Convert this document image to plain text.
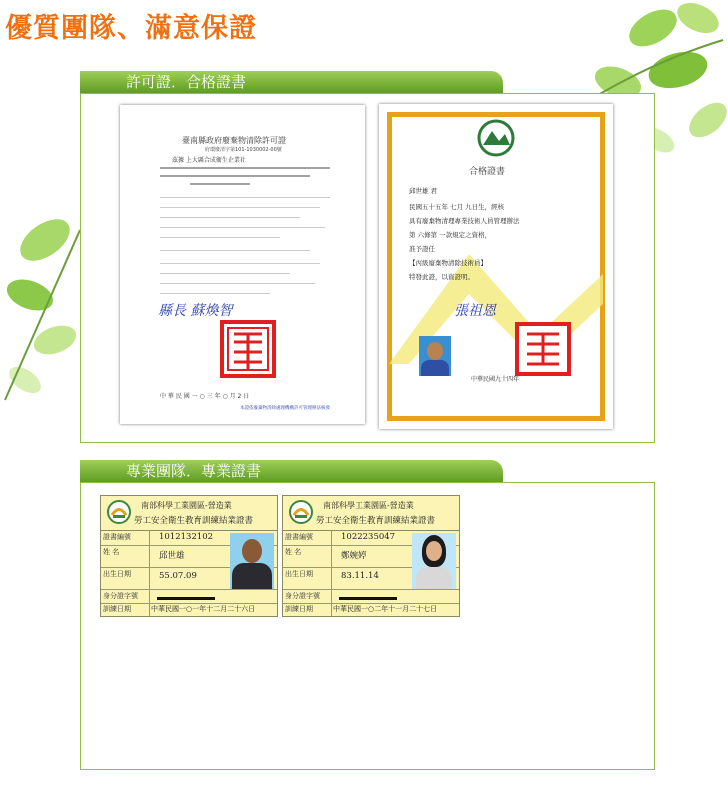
優質團隊、滿意保證
許可證．合格證書
臺南縣政府廢棄物清除許可證
府環廢清字第101-1030002-00號
茲據 上大縣合成衛生企業社
縣長 蘇煥智
中 華 民 國 一 ○ 三 年 ○ 月 2 日
本證依廢棄物清除處理機構許可管理辦法核發
合格證書
邱世雄 君
民國五十五年 七月 九日生，經核
具有廢棄物清理專業技術人員管理辦法
第 六條第 一款規定之資格，
准予證任
【丙級廢棄物清除技術員】
特發此證，以資證明。
張祖恩
中華民國九十四年
專業團隊．專業證書
南部科學工業園區-營造業
勞工安全衛生教育訓練結業證書
證書編號	1012132102
姓 名	邱世雄
出生日期	55.07.09
身分證字號
訓練日期	中華民國一○一年十二月二十六日
南部科學工業園區-營造業
勞工安全衛生教育訓練結業證書
證書編號	1022235047
姓 名	鄭婉婷
出生日期	83.11.14
身分證字號
訓練日期	中華民國一○二年十一月二十七日
